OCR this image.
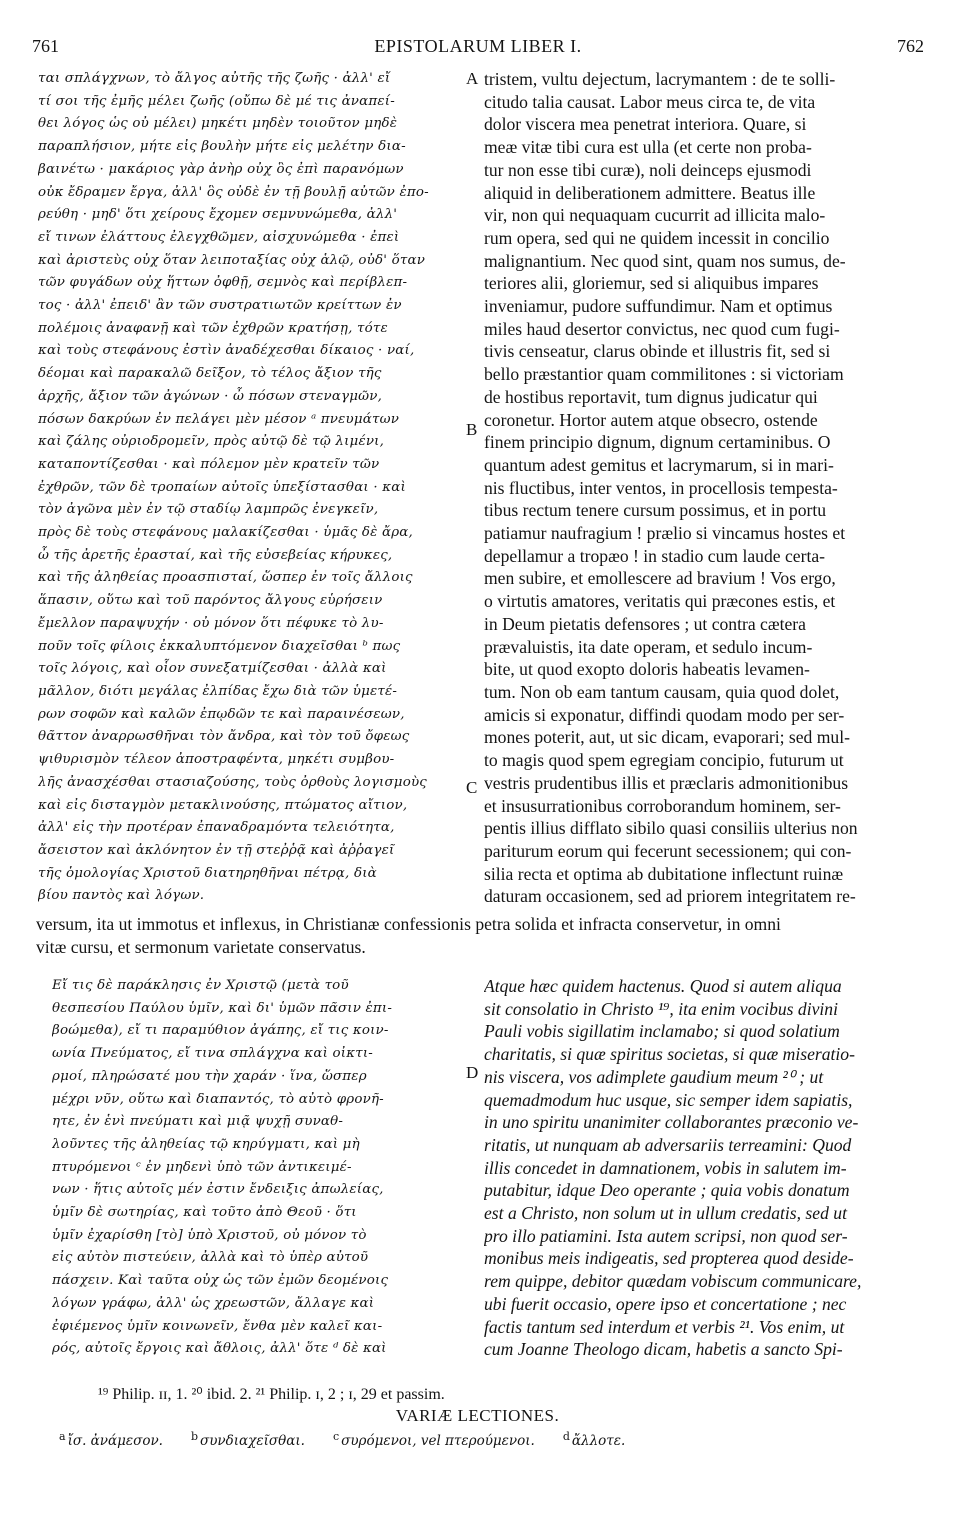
761	EPISTOLARUM LIBER I.	762
A
B
C
D
ται σπλάγχνων, τὸ ἄλγος αὐτῆς τῆς ζωῆς · ἀλλ' εἴ
τί σοι τῆς ἐμῆς μέλει ζωῆς (οὔπω δὲ μέ τις ἀναπεί-
θει λόγος ὡς οὐ μέλει) μηκέτι μηδὲν τοιοῦτον μηδὲ
παραπλήσιον, μήτε εἰς βουλὴν μήτε εἰς μελέτην δια-
βαινέτω · μακάριος γὰρ ἀνὴρ οὐχ ὃς ἐπὶ παρανόμων
οὐκ ἔδραμεν ἔργα, ἀλλ' ὃς οὐδὲ ἐν τῇ βουλῇ αὐτῶν ἐπο-
ρεύθη · μηδ' ὅτι χείρους ἔχομεν σεμνυνώμεθα, ἀλλ'
εἴ τινων ἐλάττους ἐλεγχθῶμεν, αἰσχυνώμεθα · ἐπεὶ
καὶ ἀριστεὺς οὐχ ὅταν λειποταξίας οὐχ ἁλῷ, οὐδ' ὅταν
τῶν φυγάδων οὐχ ἥττων ὀφθῇ, σεμνὸς καὶ περίβλεπ-
τος · ἀλλ' ἐπειδ' ἂν τῶν συστρατιωτῶν κρείττων ἐν
πολέμοις ἀναφανῇ καὶ τῶν ἐχθρῶν κρατήσῃ, τότε
καὶ τοὺς στεφάνους ἐστὶν ἀναδέχεσθαι δίκαιος · ναί,
δέομαι καὶ παρακαλῶ δεῖξον, τὸ τέλος ἄξιον τῆς
ἀρχῆς, ἄξιον τῶν ἀγώνων · ὦ πόσων στεναγμῶν,
πόσων δακρύων ἐν πελάγει μὲν μέσον ᵃ πνευμάτων
καὶ ζάλης οὐριοδρομεῖν, πρὸς αὐτῷ δὲ τῷ λιμένι,
καταποντίζεσθαι · καὶ πόλεμον μὲν κρατεῖν τῶν
ἐχθρῶν, τῶν δὲ τροπαίων αὐτοῖς ὑπεξίστασθαι · καὶ
τὸν ἀγῶνα μὲν ἐν τῷ σταδίῳ λαμπρῶς ἐνεγκεῖν,
πρὸς δὲ τοὺς στεφάνους μαλακίζεσθαι · ὑμᾶς δὲ ἄρα,
ὦ τῆς ἀρετῆς ἐρασταί, καὶ τῆς εὐσεβείας κήρυκες,
καὶ τῆς ἀληθείας προασπισταί, ὥσπερ ἐν τοῖς ἄλλοις
ἅπασιν, οὕτω καὶ τοῦ παρόντος ἄλγους εὑρήσειν
ἔμελλον παραψυχήν · οὐ μόνον ὅτι πέφυκε τὸ λυ-
ποῦν τοῖς φίλοις ἐκκαλυπτόμενον διαχεῖσθαι ᵇ πως
τοῖς λόγοις, καὶ οἷον συνεξατμίζεσθαι · ἀλλὰ καὶ
μᾶλλον, διότι μεγάλας ἐλπίδας ἔχω διὰ τῶν ὑμετέ-
ρων σοφῶν καὶ καλῶν ἐπῳδῶν τε καὶ παραινέσεων,
θᾶττον ἀναρρωσθῆναι τὸν ἄνδρα, καὶ τὸν τοῦ ὄφεως
ψιθυρισμὸν τέλεον ἀποστραφέντα, μηκέτι συμβου-
λῆς ἀνασχέσθαι στασιαζούσης, τοὺς ὀρθοὺς λογισμοὺς
καὶ εἰς δισταγμὸν μετακλινούσης, πτώματος αἴτιον,
ἀλλ' εἰς τὴν προτέραν ἐπαναδραμόντα τελειότητα,
ἄσειστον καὶ ἀκλόνητον ἐν τῇ στεῤῥᾷ καὶ ἀῤῥαγεῖ
τῆς ὁμολογίας Χριστοῦ διατηρηθῆναι πέτρᾳ, διὰ
βίου παντὸς καὶ λόγων.
tristem, vultu dejectum, lacrymantem : de te solli-
citudo talia causat. Labor meus circa te, de vita
dolor viscera mea penetrat interiora. Quare, si
meæ vitæ tibi cura est ulla (et certe non proba-
tur non esse tibi curæ), noli deinceps ejusmodi
aliquid in deliberationem admittere. Beatus ille
vir, non qui nequaquam cucurrit ad illicita malo-
rum opera, sed qui ne quidem incessit in concilio
malignantium. Nec quod sint, quam nos sumus, de-
teriores alii, gloriemur, sed si aliquibus impares
inveniamur, pudore suffundimur. Nam et optimus
miles haud desertor convictus, nec quod cum fugi-
tivis censeatur, clarus obinde et illustris fit, sed si
bello præstantior quam commilitones : si victoriam
de hostibus reportavit, tum dignus judicatur qui
coronetur. Hortor autem atque obsecro, ostende
finem principio dignum, dignum certaminibus. O
quantum adest gemitus et lacrymarum, si in mari-
nis fluctibus, inter ventos, in procellosis tempesta-
tibus rectum tenere cursum possimus, et in portu
patiamur naufragium ! prælio si vincamus hostes et
depellamur a tropæo ! in stadio cum laude certa-
men subire, et emollescere ad bravium ! Vos ergo,
o virtutis amatores, veritatis qui præcones estis, et
in Deum pietatis defensores ; ut contra cætera
prævaluistis, ita date operam, et sedulo incum-
bite, ut quod exopto doloris habeatis levamen-
tum. Non ob eam tantum causam, quia quod dolet,
amicis si exponatur, diffindi quodam modo per ser-
mones poterit, aut, ut sic dicam, evaporari; sed mul-
to magis quod spem egregiam concipio, futurum ut
vestris prudentibus illis et præclaris admonitionibus
et insusurrationibus corroborandum hominem, ser-
pentis illius difflato sibilo quasi consiliis ulterius non
pariturum eorum qui fecerunt secessionem; qui con-
silia recta et optima ab dubitatione inflectunt ruinæ
daturam occasionem, sed ad priorem integritatem re-
versum, ita ut immotus et inflexus, in Christianæ confessionis petra solida et infracta conservetur, in omni
vitæ cursu, et sermonum varietate conservatus.
Εἴ τις δὲ παράκλησις ἐν Χριστῷ (μετὰ τοῦ
θεσπεσίου Παύλου ὑμῖν, καὶ δι' ὑμῶν πᾶσιν ἐπι-
βοώμεθα), εἴ τι παραμύθιον ἀγάπης, εἴ τις κοιν-
ωνία Πνεύματος, εἴ τινα σπλάγχνα καὶ οἰκτι-
ρμοί, πληρώσατέ μου τὴν χαράν · ἵνα, ὥσπερ
μέχρι νῦν, οὕτω καὶ διαπαντός, τὸ αὐτὸ φρονῆ-
ητε, ἐν ἑνὶ πνεύματι καὶ μιᾷ ψυχῇ συναθ-
λοῦντες τῆς ἀληθείας τῷ κηρύγματι, καὶ μὴ
πτυρόμενοι ᶜ ἐν μηδενὶ ὑπὸ τῶν ἀντικειμέ-
νων · ἥτις αὐτοῖς μέν ἐστιν ἔνδειξις ἀπωλείας,
ὑμῖν δὲ σωτηρίας, καὶ τοῦτο ἀπὸ Θεοῦ · ὅτι
ὑμῖν ἐχαρίσθη [τὸ] ὑπὸ Χριστοῦ, οὐ μόνον τὸ
εἰς αὐτὸν πιστεύειν, ἀλλὰ καὶ τὸ ὑπὲρ αὐτοῦ
πάσχειν. Καὶ ταῦτα οὐχ ὡς τῶν ἐμῶν δεομένοις
λόγων γράφω, ἀλλ' ὡς χρεωστῶν, ἄλλαγε καὶ
ἐφιέμενος ὑμῖν κοινωνεῖν, ἔνθα μὲν καλεῖ και-
ρός, αὐτοῖς ἔργοις καὶ ἄθλοις, ἀλλ' ὅτε ᵈ δὲ καὶ
Atque hæc quidem hactenus. Quod si autem aliqua
sit consolatio in Christo ¹⁹, ita enim vocibus divini
Pauli vobis sigillatim inclamabo; si quod solatium
charitatis, si quæ spiritus societas, si quæ miseratio-
nis viscera, vos adimplete gaudium meum ²⁰ ; ut
quemadmodum huc usque, sic semper idem sapiatis,
in uno spiritu unanimiter collaborantes præconio ve-
ritatis, ut nunquam ab adversariis terreamini: Quod
illis concedet in damnationem, vobis in salutem im-
putabitur, idque Deo operante ; quia vobis donatum
est a Christo, non solum ut in ullum credatis, sed ut
pro illo patiamini. Ista autem scripsi, non quod ser-
monibus meis indigeatis, sed propterea quod deside-
rem quippe, debitor quædam vobiscum communicare,
ubi fuerit occasio, opere ipso et concertatione ; nec
factis tantum sed interdum et verbis ²¹. Vos enim, ut
cum Joanne Theologo dicam, habetis a sancto Spi-
¹⁹ Philip. ɪɪ, 1. ²⁰ ibid. 2. ²¹ Philip. ɪ, 2 ; ɪ, 29 et passim.
VARIÆ LECTIONES.
$^a$ ἴσ. ἀνάμεσον.	$^b$ συνδιαχεῖσθαι.	$^c$ συρόμενοι, vel πτερούμενοι.	$^d$ ἄλλοτε.
